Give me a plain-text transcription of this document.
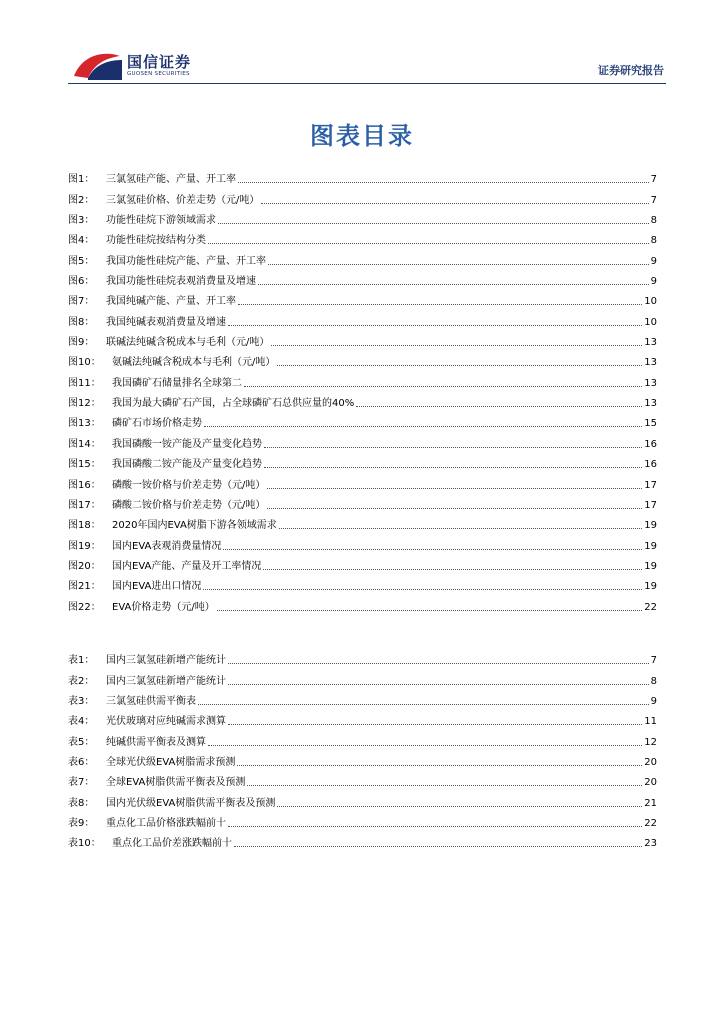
国信证券
GUOSEN SECURITIES	证券研究报告
图表目录
图1：	三氯氢硅产能、产量、开工率	7
图2：	三氯氢硅价格、价差走势（元/吨）	7
图3：	功能性硅烷下游领域需求	8
图4：	功能性硅烷按结构分类	8
图5：	我国功能性硅烷产能、产量、开工率	9
图6：	我国功能性硅烷表观消费量及增速	9
图7：	我国纯碱产能、产量、开工率	10
图8：	我国纯碱表观消费量及增速	10
图9：	联碱法纯碱含税成本与毛利（元/吨）	13
图10：	氨碱法纯碱含税成本与毛利（元/吨）	13
图11：	我国磷矿石储量排名全球第二	13
图12：	我国为最大磷矿石产国，占全球磷矿石总供应量的40%	13
图13：	磷矿石市场价格走势	15
图14：	我国磷酸一铵产能及产量变化趋势	16
图15：	我国磷酸二铵产能及产量变化趋势	16
图16：	磷酸一铵价格与价差走势（元/吨）	17
图17：	磷酸二铵价格与价差走势（元/吨）	17
图18：	2020年国内EVA树脂下游各领域需求	19
图19：	国内EVA表观消费量情况	19
图20：	国内EVA产能、产量及开工率情况	19
图21：	国内EVA进出口情况	19
图22：	EVA价格走势（元/吨）	22
表1：	国内三氯氢硅新增产能统计	7
表2：	国内三氯氢硅新增产能统计	8
表3：	三氯氢硅供需平衡表	9
表4：	光伏玻璃对应纯碱需求测算	11
表5：	纯碱供需平衡表及测算	12
表6：	全球光伏级EVA树脂需求预测	20
表7：	全球EVA树脂供需平衡表及预测	20
表8：	国内光伏级EVA树脂供需平衡表及预测	21
表9：	重点化工品价格涨跌幅前十	22
表10：	重点化工品价差涨跌幅前十	23
